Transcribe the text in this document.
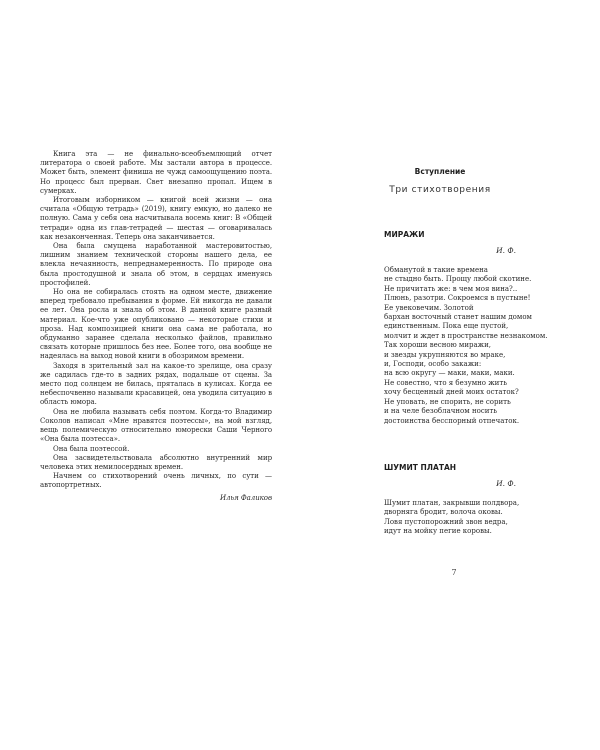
Книга эта — не финально-всеобъемлющий отчет литератора о своей работе. Мы застали автора в процессе. Может быть, элемент финиша не чужд самоощущению поэта. Но процесс был прерван. Свет внезапно пропал. Ищем в сумерках.

Итоговым изборником — книгой всей жизни — она считала «Общую тетрадь» (2019), книгу емкую, но далеко не полную. Сама у себя она насчитывала восемь книг: В «Общей тетради» одна из глав-тетрадей — шестая — оговаривалась как незаконченная. Теперь она заканчивается.

Она была смущена наработанной мастеровитостью, лишним знанием технической стороны нашего дела, ее влекла нечаянность, непреднамеренность. По природе она была простодушной и знала об этом, в сердцах именуясь простофилей.

Но она не собиралась стоять на одном месте, движение вперед требовало пребывания в форме. Ей никогда не давали ее лет. Она росла и знала об этом. В данной книге разный материал. Кое-что уже опубликовано — некоторые стихи и проза. Над композицией книги она сама не работала, но обдуманно заранее сделала несколько файлов, правильно связать которые пришлось без нее. Более того, она вообще не надеялась на выход новой книги в обозримом времени.

Заходя в зрительный зал на какое-то зрелище, она сразу же садилась где-то в задних рядах, подальше от сцены. За место под солнцем не билась, пряталась в кулисах. Когда ее небеспочвенно называли красавицей, она уводила ситуацию в область юмора.

Она не любила называть себя поэтом. Когда-то Владимир Соколов написал «Мне нравятся поэтессы», на мой взгляд, вещь полемическую относительно юморески Саши Черного «Она была поэтесса».

Она была поэтессой.

Она засвидетельствовала абсолютно внутренний мир человека этих немилосердных времен.

Начнем со стихотворений очень личных, по сути — автопортретных.

Илья Фаликов
Вступление
Три стихотворения
МИРАЖИ
И. Ф.
Обманутой в такие времена
не стыдно быть. Прощу любой скотине.
Не причитать же: в чем моя вина?..
Плюнь, разотри. Сокроемся в пустыне!
Ее увековечим. Золотой
бархан восточный станет нашим домом
единственным. Пока еще пустой,
молчит и ждет в пространстве незнакомом.
Так хороши весною миражи,
и звезды укрупняются во мраке,
и, Господи, особо закажи:
на всю округу — маки, маки, маки.
Не совестно, что я безумно жить
хочу бесценный дней моих остаток?
Не уповать, не спорить, не сорить
и на челе безоблачном носить
достоинства бесспорный отпечаток.
ШУМИТ ПЛАТАН
И. Ф.
Шумит платан, закрывши полдвора,
дворняга бродит, волоча оковы.
Ловя пустопорожний звон ведра,
идут на мойку пегие коровы.
7
